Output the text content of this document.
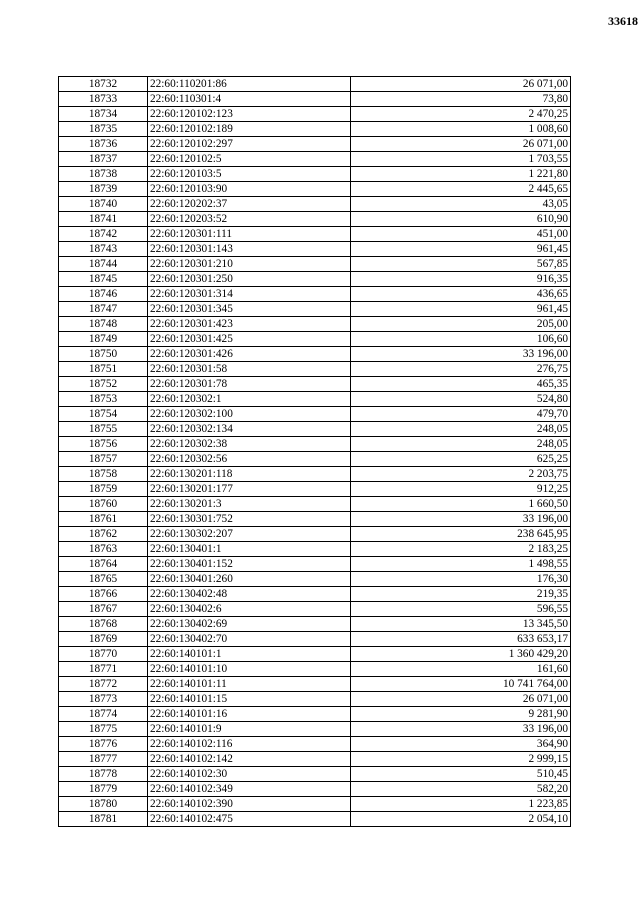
33618
18732	22:60:110201:86	26 071,00
18733	22:60:110301:4	73,80
18734	22:60:120102:123	2 470,25
18735	22:60:120102:189	1 008,60
18736	22:60:120102:297	26 071,00
18737	22:60:120102:5	1 703,55
18738	22:60:120103:5	1 221,80
18739	22:60:120103:90	2 445,65
18740	22:60:120202:37	43,05
18741	22:60:120203:52	610,90
18742	22:60:120301:111	451,00
18743	22:60:120301:143	961,45
18744	22:60:120301:210	567,85
18745	22:60:120301:250	916,35
18746	22:60:120301:314	436,65
18747	22:60:120301:345	961,45
18748	22:60:120301:423	205,00
18749	22:60:120301:425	106,60
18750	22:60:120301:426	33 196,00
18751	22:60:120301:58	276,75
18752	22:60:120301:78	465,35
18753	22:60:120302:1	524,80
18754	22:60:120302:100	479,70
18755	22:60:120302:134	248,05
18756	22:60:120302:38	248,05
18757	22:60:120302:56	625,25
18758	22:60:130201:118	2 203,75
18759	22:60:130201:177	912,25
18760	22:60:130201:3	1 660,50
18761	22:60:130301:752	33 196,00
18762	22:60:130302:207	238 645,95
18763	22:60:130401:1	2 183,25
18764	22:60:130401:152	1 498,55
18765	22:60:130401:260	176,30
18766	22:60:130402:48	219,35
18767	22:60:130402:6	596,55
18768	22:60:130402:69	13 345,50
18769	22:60:130402:70	633 653,17
18770	22:60:140101:1	1 360 429,20
18771	22:60:140101:10	161,60
18772	22:60:140101:11	10 741 764,00
18773	22:60:140101:15	26 071,00
18774	22:60:140101:16	9 281,90
18775	22:60:140101:9	33 196,00
18776	22:60:140102:116	364,90
18777	22:60:140102:142	2 999,15
18778	22:60:140102:30	510,45
18779	22:60:140102:349	582,20
18780	22:60:140102:390	1 223,85
18781	22:60:140102:475	2 054,10
